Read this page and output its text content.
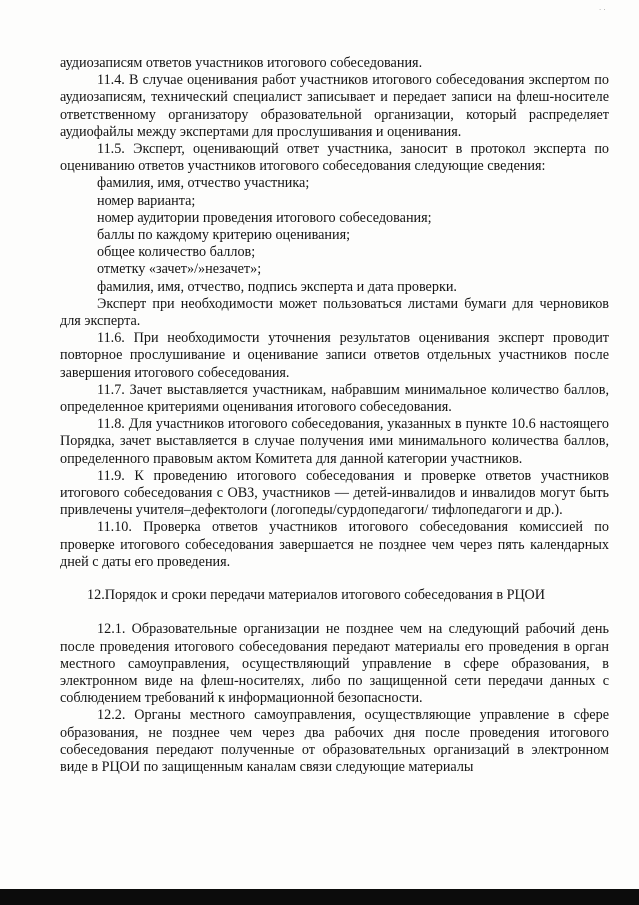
· ·

аудиозаписям ответов участников итогового собеседования.

11.4. В случае оценивания работ участников итогового собеседования экспертом по аудиозаписям, технический специалист записывает и передает записи на флеш-носителе ответственному организатору образовательной организации, который распределяет аудиофайлы между экспертами для прослушивания и оценивания.

11.5. Эксперт, оценивающий ответ участника, заносит в протокол эксперта по оцениванию ответов участников итогового собеседования следующие сведения:

фамилия, имя, отчество участника;

номер варианта;

номер аудитории проведения итогового собеседования;

баллы по каждому критерию оценивания;

общее количество баллов;

отметку «зачет»/»незачет»;

фамилия, имя, отчество, подпись эксперта и дата проверки.

Эксперт при необходимости может пользоваться листами бумаги для черновиков для эксперта.

11.6. При необходимости уточнения результатов оценивания эксперт проводит повторное прослушивание и оценивание записи ответов отдельных участников после завершения итогового собеседования.

11.7. Зачет выставляется участникам, набравшим минимальное количество баллов, определенное критериями оценивания итогового собеседования.

11.8. Для участников итогового собеседования, указанных в пункте 10.6 настоящего Порядка, зачет выставляется в случае получения ими минимального количества баллов, определенного правовым актом Комитета для данной категории участников.

11.9. К проведению итогового собеседования и проверке ответов участников итогового собеседования с ОВЗ, участников — детей-инвалидов и инвалидов могут быть привлечены учителя–дефектологи (логопеды/сурдопедагоги/ тифлопедагоги и др.).

11.10. Проверка ответов участников итогового собеседования комиссией по проверке итогового собеседования завершается не позднее чем через пять календарных дней с даты его проведения.

12.Порядок и сроки передачи материалов итогового собеседования в РЦОИ

12.1. Образовательные организации не позднее чем на следующий рабочий день после проведения итогового собеседования передают материалы его проведения в орган местного самоуправления, осуществляющий управление в сфере образования, в электронном виде на флеш-носителях, либо по защищенной сети передачи данных с соблюдением требований к информационной безопасности.

12.2. Органы местного самоуправления, осуществляющие управление в сфере образования, не позднее чем через два рабочих дня после проведения итогового собеседования передают полученные от образовательных организаций в электронном виде в РЦОИ по защищенным каналам связи следующие материалы
